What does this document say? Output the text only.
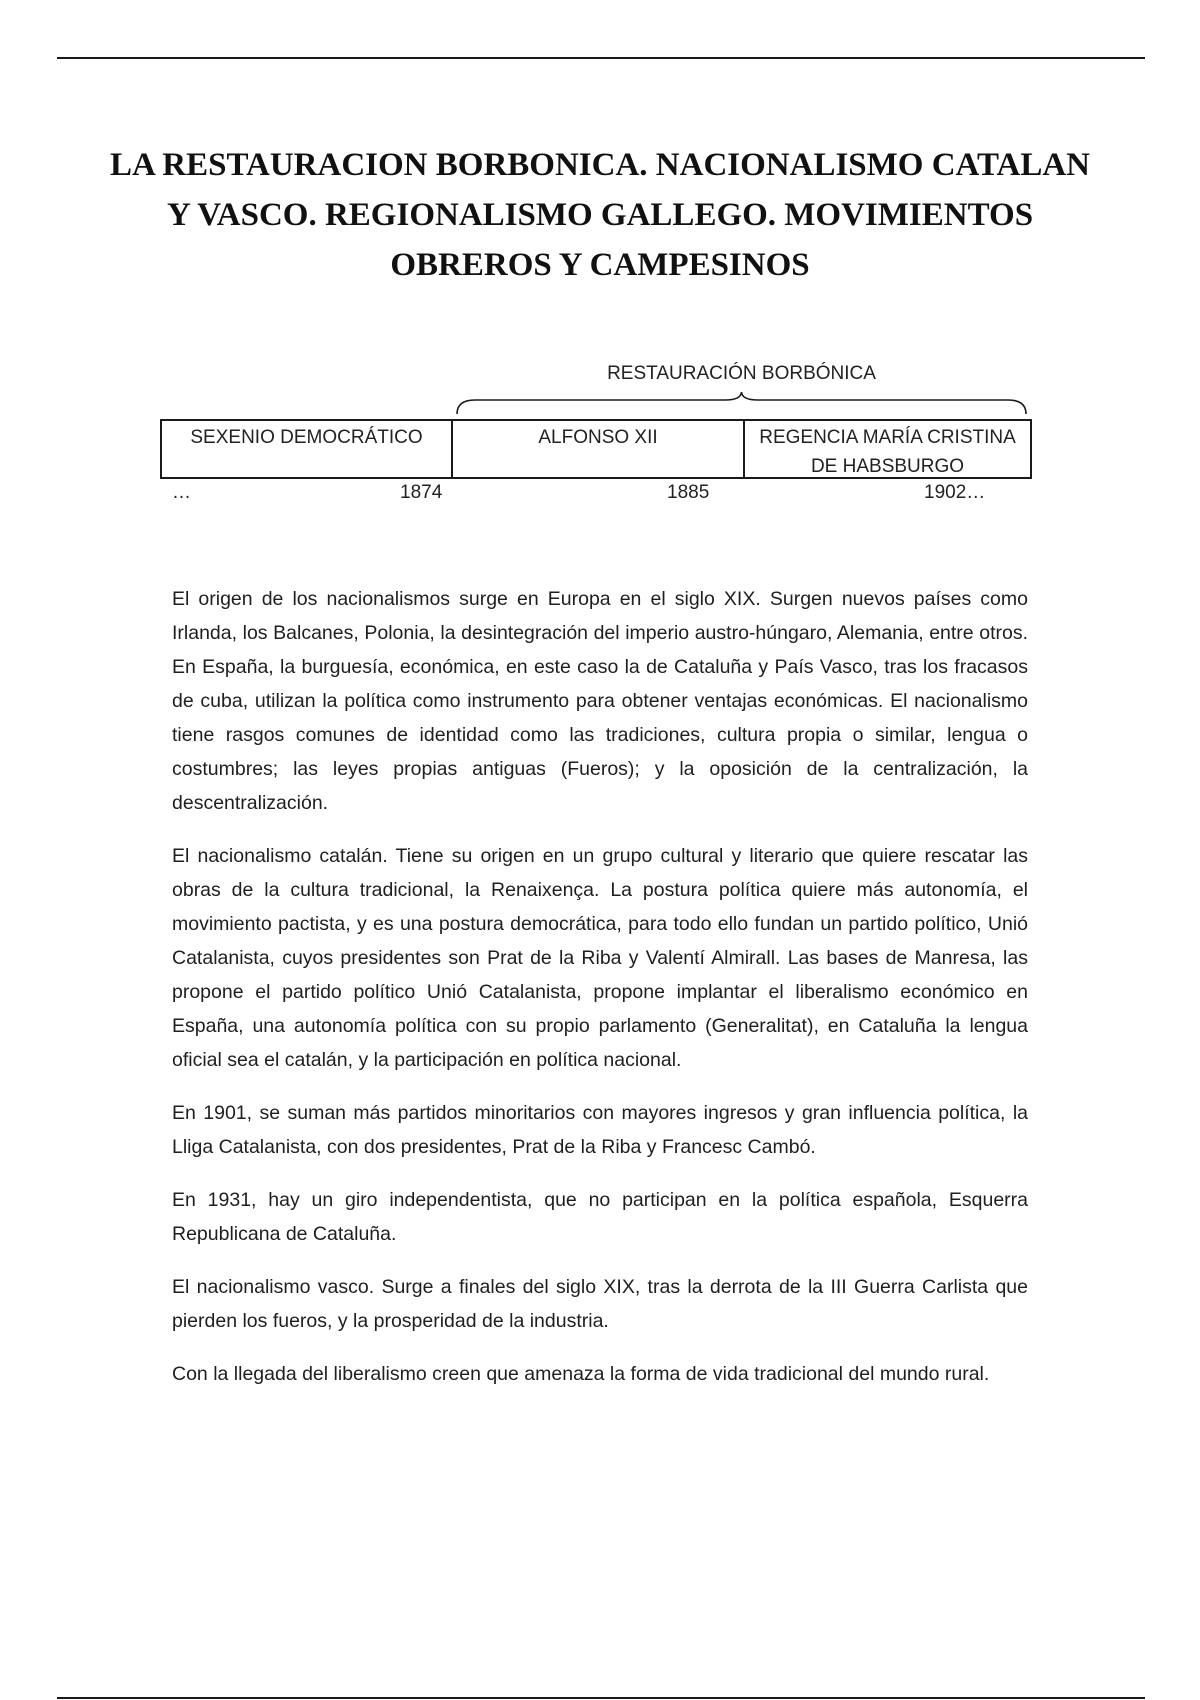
LA RESTAURACION BORBONICA. NACIONALISMO CATALAN Y VASCO. REGIONALISMO GALLEGO. MOVIMIENTOS OBREROS Y CAMPESINOS
RESTAURACIÓN BORBÓNICA
SEXENIO DEMOCRÁTICO	ALFONSO XII	REGENCIA MARÍA CRISTINA DE HABSBURGO
…	1874	1885	1902…

El origen de los nacionalismos surge en Europa en el siglo XIX. Surgen nuevos países como Irlanda, los Balcanes, Polonia, la desintegración del imperio austro-húngaro, Alemania, entre otros. En España, la burguesía, económica, en este caso la de Cataluña y País Vasco, tras los fracasos de cuba, utilizan la política como instrumento para obtener ventajas económicas. El nacionalismo tiene rasgos comunes de identidad como las tradiciones, cultura propia o similar, lengua o costumbres; las leyes propias antiguas (Fueros); y la oposición de la centralización, la descentralización.

El nacionalismo catalán. Tiene su origen en un grupo cultural y literario que quiere rescatar las obras de la cultura tradicional, la Renaixença. La postura política quiere más autonomía, el movimiento pactista, y es una postura democrática, para todo ello fundan un partido político, Unió Catalanista, cuyos presidentes son Prat de la Riba y Valentí Almirall. Las bases de Manresa, las propone el partido político Unió Catalanista, propone implantar el liberalismo económico en España, una autonomía política con su propio parlamento (Generalitat), en Cataluña la lengua oficial sea el catalán, y la participación en política nacional.

En 1901, se suman más partidos minoritarios con mayores ingresos y gran influencia política, la Lliga Catalanista, con dos presidentes, Prat de la Riba y Francesc Cambó.

En 1931, hay un giro independentista, que no participan en la política española, Esquerra Republicana de Cataluña.

El nacionalismo vasco. Surge a finales del siglo XIX, tras la derrota de la III Guerra Carlista que pierden los fueros, y la prosperidad de la industria.

Con la llegada del liberalismo creen que amenaza la forma de vida tradicional del mundo rural.
